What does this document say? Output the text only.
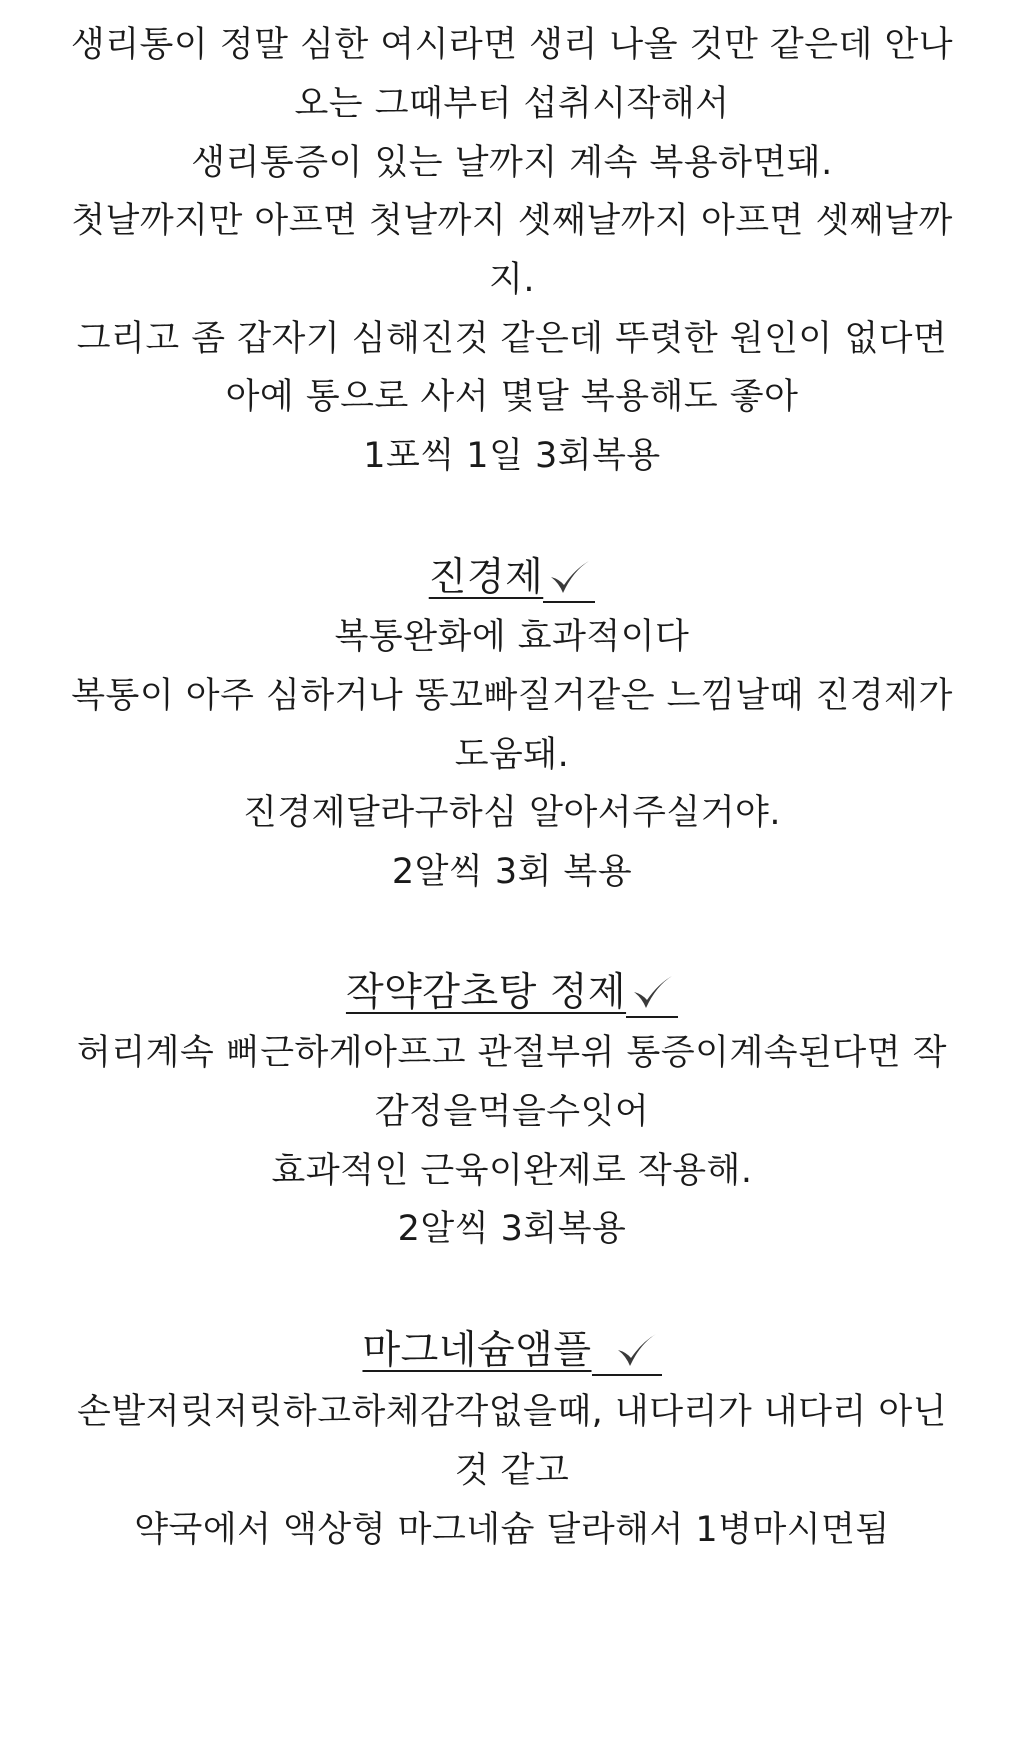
생리통이 정말 심한 여시라면 생리 나올 것만 같은데 안나
오는 그때부터 섭취시작해서
생리통증이 있는 날까지 계속 복용하면돼.
첫날까지만 아프면 첫날까지 셋째날까지 아프면 셋째날까
지.
그리고 좀 갑자기 심해진것 같은데 뚜렷한 원인이 없다면
아예 통으로 사서 몇달 복용해도 좋아
1포씩 1일 3회복용
진경제
복통완화에 효과적이다
복통이 아주 심하거나 똥꼬빠질거같은 느낌날때 진경제가
도움돼.
진경제달라구하심 알아서주실거야.
2알씩 3회 복용
작약감초탕 정제
허리계속 뻐근하게아프고 관절부위 통증이계속된다면 작
감정을먹을수잇어
효과적인 근육이완제로 작용해.
2알씩 3회복용
마그네슘앰플
손발저릿저릿하고하체감각없을때, 내다리가 내다리 아닌
것 같고
약국에서 액상형 마그네슘 달라해서 1병마시면됨
